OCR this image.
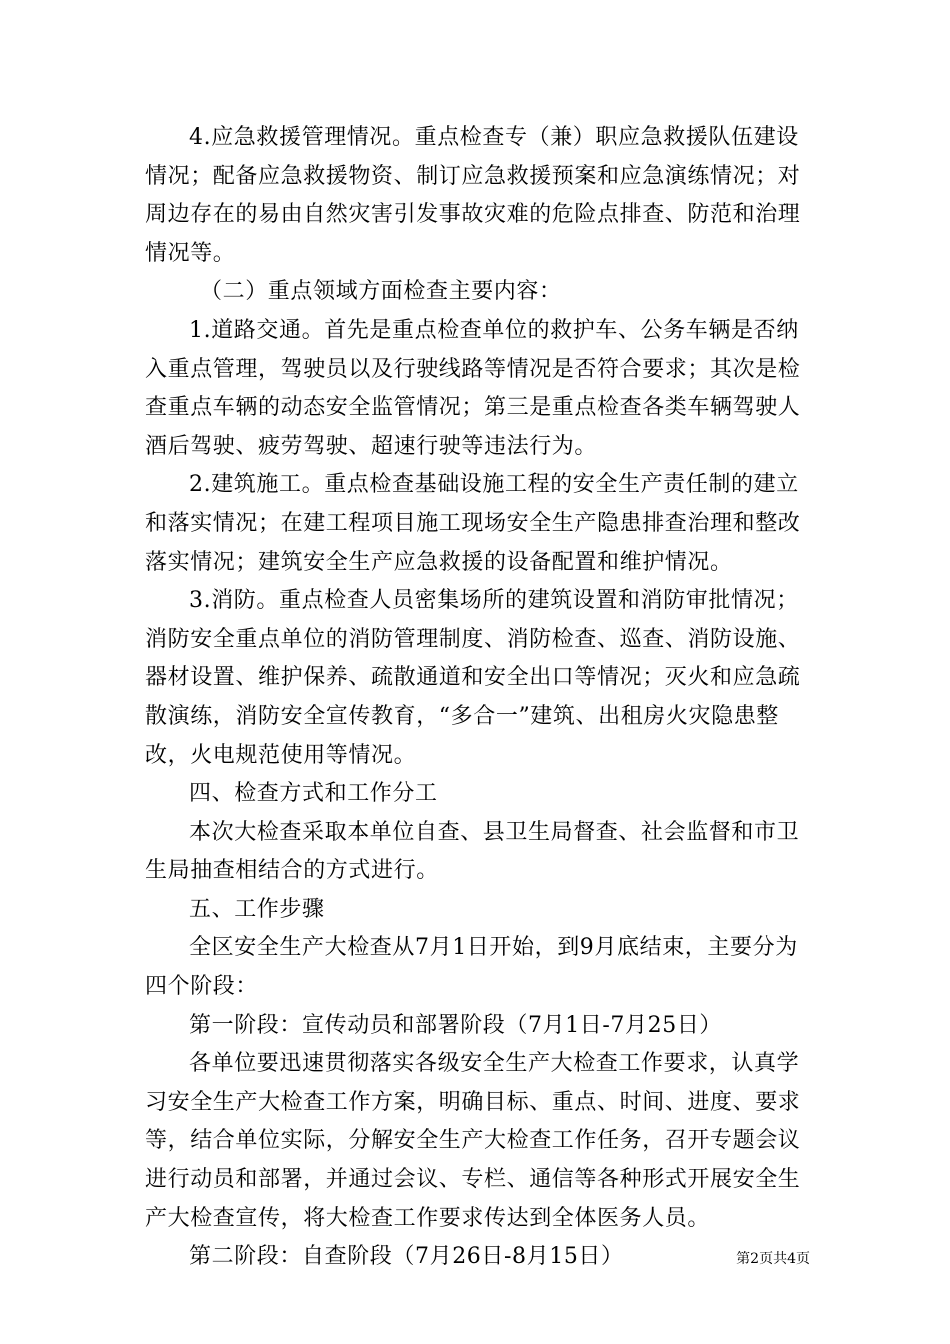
4.应急救援管理情况。重点检查专（兼）职应急救援队伍建设情况；配备应急救援物资、制订应急救援预案和应急演练情况；对周边存在的易由自然灾害引发事故灾难的危险点排查、防范和治理情况等。

（二）重点领域方面检查主要内容：

1.道路交通。首先是重点检查单位的救护车、公务车辆是否纳入重点管理，驾驶员以及行驶线路等情况是否符合要求；其次是检查重点车辆的动态安全监管情况；第三是重点检查各类车辆驾驶人酒后驾驶、疲劳驾驶、超速行驶等违法行为。

2.建筑施工。重点检查基础设施工程的安全生产责任制的建立和落实情况；在建工程项目施工现场安全生产隐患排查治理和整改落实情况；建筑安全生产应急救援的设备配置和维护情况。

3.消防。重点检查人员密集场所的建筑设置和消防审批情况；消防安全重点单位的消防管理制度、消防检查、巡查、消防设施、器材设置、维护保养、疏散通道和安全出口等情况；灭火和应急疏散演练，消防安全宣传教育，“多合一”建筑、出租房火灾隐患整改，火电规范使用等情况。

四、检查方式和工作分工

本次大检查采取本单位自查、县卫生局督查、社会监督和市卫生局抽查相结合的方式进行。

五、工作步骤

全区安全生产大检查从7月1日开始，到9月底结束，主要分为四个阶段：

第一阶段：宣传动员和部署阶段（7月1日-7月25日）

各单位要迅速贯彻落实各级安全生产大检查工作要求，认真学习安全生产大检查工作方案，明确目标、重点、时间、进度、要求等，结合单位实际，分解安全生产大检查工作任务，召开专题会议进行动员和部署，并通过会议、专栏、通信等各种形式开展安全生产大检查宣传，将大检查工作要求传达到全体医务人员。

第二阶段：自查阶段（7月26日-8月15日）	第2页共4页
